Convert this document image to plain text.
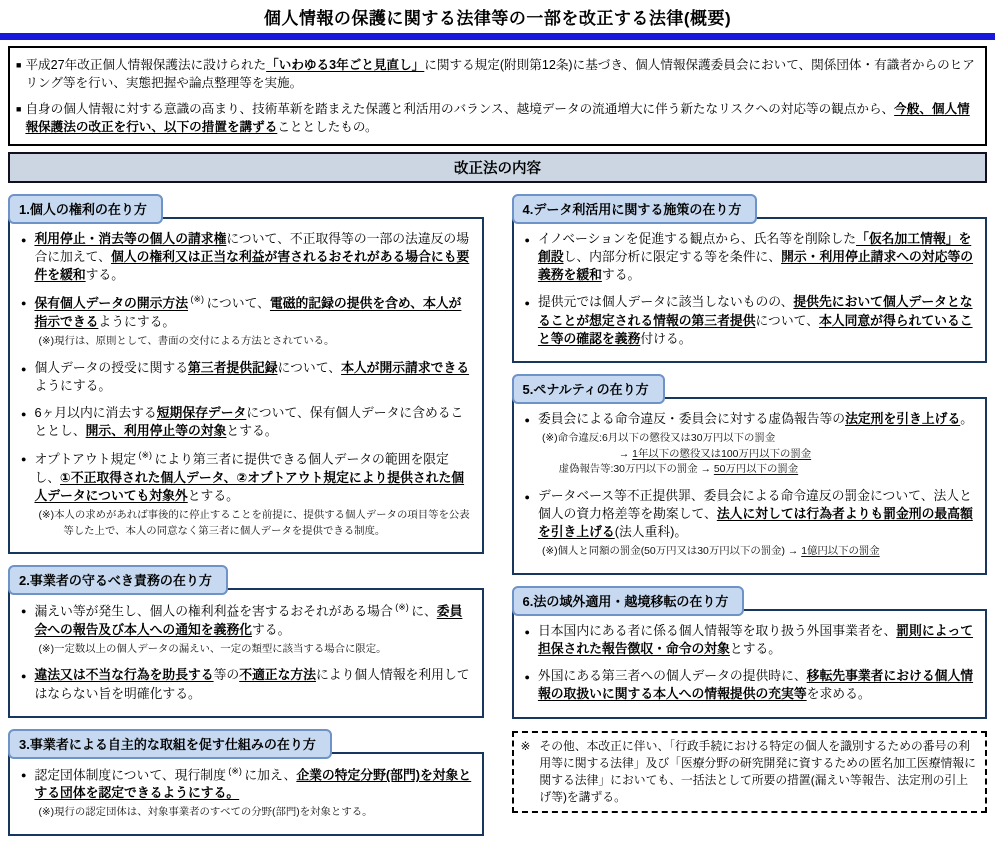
個人情報の保護に関する法律等の一部を改正する法律(概要)
■ 平成27年改正個人情報保護法に設けられた「いわゆる3年ごと見直し」に関する規定(附則第12条)に基づき、個人情報保護委員会において、関係団体・有識者からのヒアリング等を行い、実態把握や論点整理等を実施。
■ 自身の個人情報に対する意識の高まり、技術革新を踏まえた保護と利活用のバランス、越境データの流通増大に伴う新たなリスクへの対応等の観点から、今般、個人情報保護法の改正を行い、以下の措置を講ずることとしたもの。
改正法の内容
1.個人の権利の在り方
● 利用停止・消去等の個人の請求権について、不正取得等の一部の法違反の場合に加えて、個人の権利又は正当な利益が害されるおそれがある場合にも要件を緩和する。
● 保有個人データの開示方法 (※) について、電磁的記録の提供を含め、本人が指示できるようにする。
(※)現行は、原則として、書面の交付による方法とされている。
● 個人データの授受に関する第三者提供記録について、本人が開示請求できるようにする。
● 6ヶ月以内に消去する短期保存データについて、保有個人データに含めることとし、開示、利用停止等の対象とする。
● オプトアウト規定 (※) により第三者に提供できる個人データの範囲を限定し、①不正取得された個人データ、②オプトアウト規定により提供された個人データについても対象外とする。
(※)本人の求めがあれば事後的に停止することを前提に、提供する個人データの項目等を公表等した上で、本人の同意なく第三者に個人データを提供できる制度。
2.事業者の守るべき責務の在り方
● 漏えい等が発生し、個人の権利利益を害するおそれがある場合 (※) に、委員会への報告及び本人への通知を義務化する。
(※)一定数以上の個人データの漏えい、一定の類型に該当する場合に限定。
● 違法又は不当な行為を助長する等の不適正な方法により個人情報を利用してはならない旨を明確化する。
3.事業者による自主的な取組を促す仕組みの在り方
● 認定団体制度について、現行制度 (※) に加え、企業の特定分野(部門)を対象とする団体を認定できるようにする。
(※)現行の認定団体は、対象事業者のすべての分野(部門)を対象とする。
4.データ利活用に関する施策の在り方
● イノベーションを促進する観点から、氏名等を削除した「仮名加工情報」を創設し、内部分析に限定する等を条件に、開示・利用停止請求への対応等の義務を緩和する。
● 提供元では個人データに該当しないものの、提供先において個人データとなることが想定される情報の第三者提供について、本人同意が得られていること等の確認を義務付ける。
5.ペナルティの在り方
● 委員会による命令違反・委員会に対する虚偽報告等の法定刑を引き上げる。
(※)命令違反:6月以下の懲役又は30万円以下の罰金
→ 1年以下の懲役又は100万円以下の罰金
虚偽報告等:30万円以下の罰金 → 50万円以下の罰金
● データベース等不正提供罪、委員会による命令違反の罰金について、法人と個人の資力格差等を勘案して、法人に対しては行為者よりも罰金刑の最高額を引き上げる(法人重科)。
(※)個人と同額の罰金(50万円又は30万円以下の罰金) → 1億円以下の罰金
6.法の域外適用・越境移転の在り方
● 日本国内にある者に係る個人情報等を取り扱う外国事業者を、罰則によって担保された報告徴収・命令の対象とする。
● 外国にある第三者への個人データの提供時に、移転先事業者における個人情報の取扱いに関する本人への情報提供の充実等を求める。
※ その他、本改正に伴い、「行政手続における特定の個人を識別するための番号の利用等に関する法律」及び「医療分野の研究開発に資するための匿名加工医療情報に関する法律」においても、一括法として所要の措置(漏えい等報告、法定刑の引上げ等)を講ずる。
